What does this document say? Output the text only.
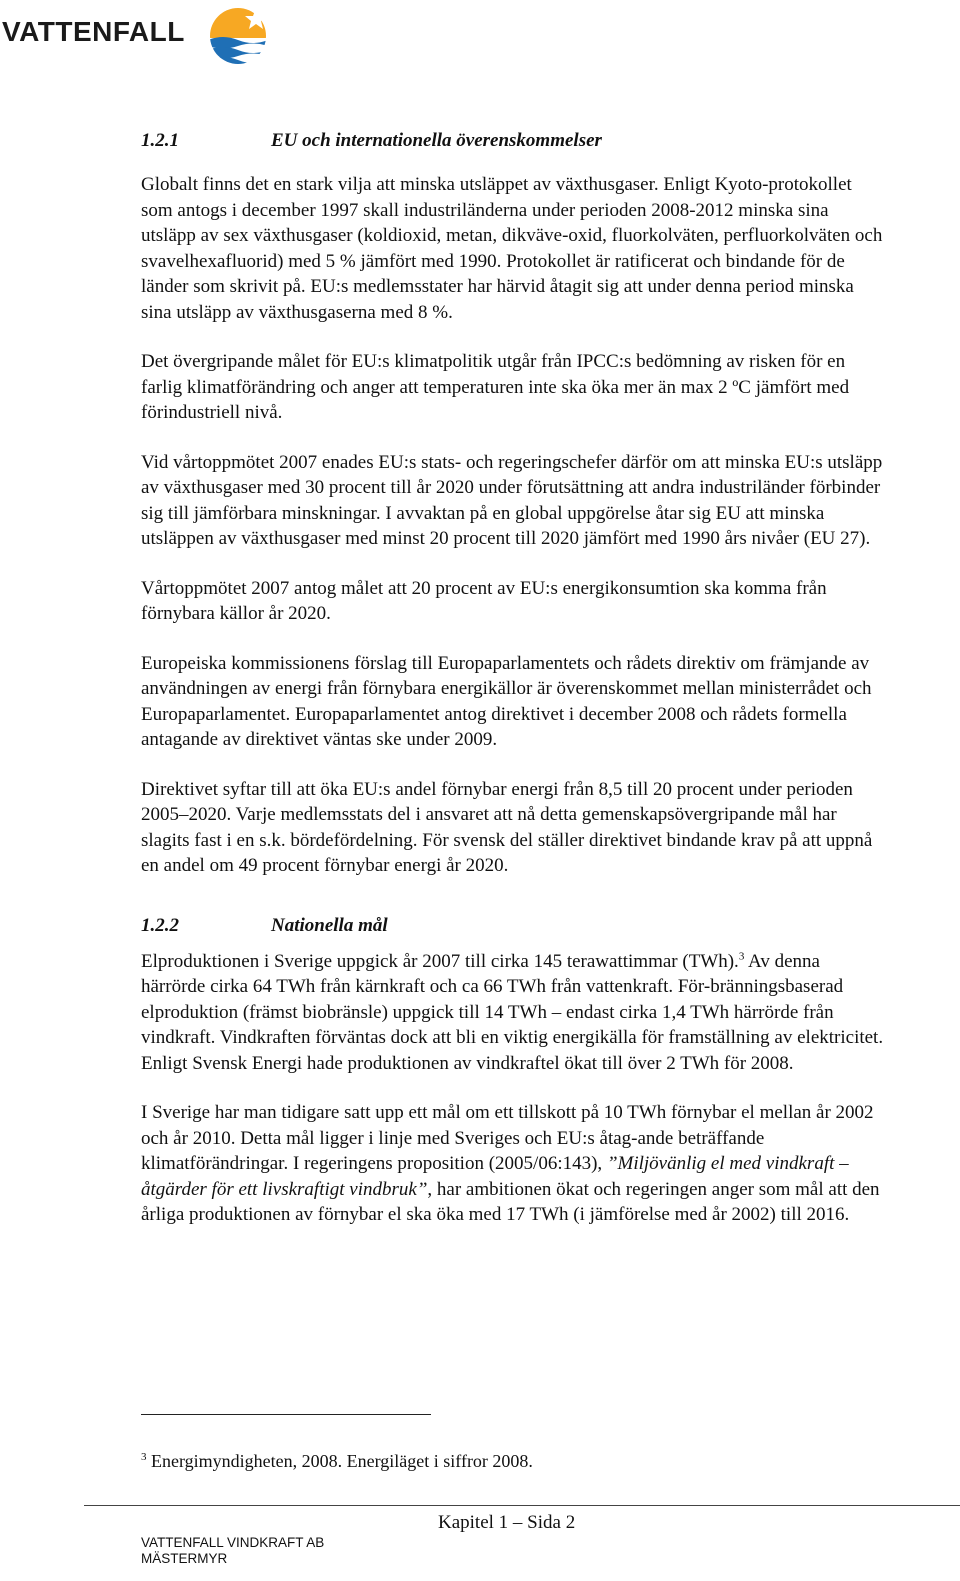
VATTENFALL
1.2.1	EU och internationella överenskommelser

Globalt finns det en stark vilja att minska utsläppet av växthusgaser. Enligt Kyoto-protokollet som antogs i december 1997 skall industriländerna under perioden 2008-2012 minska sina utsläpp av sex växthusgaser (koldioxid, metan, dikväve-oxid, fluorkolväten, perfluorkolväten och svavelhexafluorid) med 5 % jämfört med 1990. Protokollet är ratificerat och bindande för de länder som skrivit på. EU:s medlemsstater har härvid åtagit sig att under denna period minska sina utsläpp av växthusgaserna med 8 %.

Det övergripande målet för EU:s klimatpolitik utgår från IPCC:s bedömning av risken för en farlig klimatförändring och anger att temperaturen inte ska öka mer än max 2 ºC jämfört med förindustriell nivå.

Vid vårtoppmötet 2007 enades EU:s stats- och regeringschefer därför om att minska EU:s utsläpp av växthusgaser med 30 procent till år 2020 under förutsättning att andra industriländer förbinder sig till jämförbara minskningar. I avvaktan på en global uppgörelse åtar sig EU att minska utsläppen av växthusgaser med minst 20 procent till 2020 jämfört med 1990 års nivåer (EU 27).

Vårtoppmötet 2007 antog målet att 20 procent av EU:s energikonsumtion ska komma från förnybara källor år 2020.

Europeiska kommissionens förslag till Europaparlamentets och rådets direktiv om främjande av användningen av energi från förnybara energikällor är överenskommet mellan ministerrådet och Europaparlamentet. Europaparlamentet antog direktivet i december 2008 och rådets formella antagande av direktivet väntas ske under 2009.

Direktivet syftar till att öka EU:s andel förnybar energi från 8,5 till 20 procent under perioden 2005–2020. Varje medlemsstats del i ansvaret att nå detta gemenskapsövergripande mål har slagits fast i en s.k. bördefördelning. För svensk del ställer direktivet bindande krav på att uppnå en andel om 49 procent förnybar energi år 2020.

1.2.2	Nationella mål

Elproduktionen i Sverige uppgick år 2007 till cirka 145 terawattimmar (TWh).$^3$ Av denna härrörde cirka 64 TWh från kärnkraft och ca 66 TWh från vattenkraft. För-bränningsbaserad elproduktion (främst biobränsle) uppgick till 14 TWh – endast cirka 1,4 TWh härrörde från vindkraft. Vindkraften förväntas dock att bli en viktig energikälla för framställning av elektricitet. Enligt Svensk Energi hade produktionen av vindkraftel ökat till över 2 TWh för 2008.

I Sverige har man tidigare satt upp ett mål om ett tillskott på 10 TWh förnybar el mellan år 2002 och år 2010. Detta mål ligger i linje med Sveriges och EU:s åtag-ande beträffande klimatförändringar. I regeringens proposition (2005/06:143), ”Miljövänlig el med vindkraft – åtgärder för ett livskraftigt vindbruk”, har ambitionen ökat och regeringen anger som mål att den årliga produktionen av förnybar el ska öka med 17 TWh (i jämförelse med år 2002) till 2016.

$^3$ Energimyndigheten, 2008. Energiläget i siffror 2008.
Kapitel 1 – Sida 2
VATTENFALL VINDKRAFT AB
MÄSTERMYR
